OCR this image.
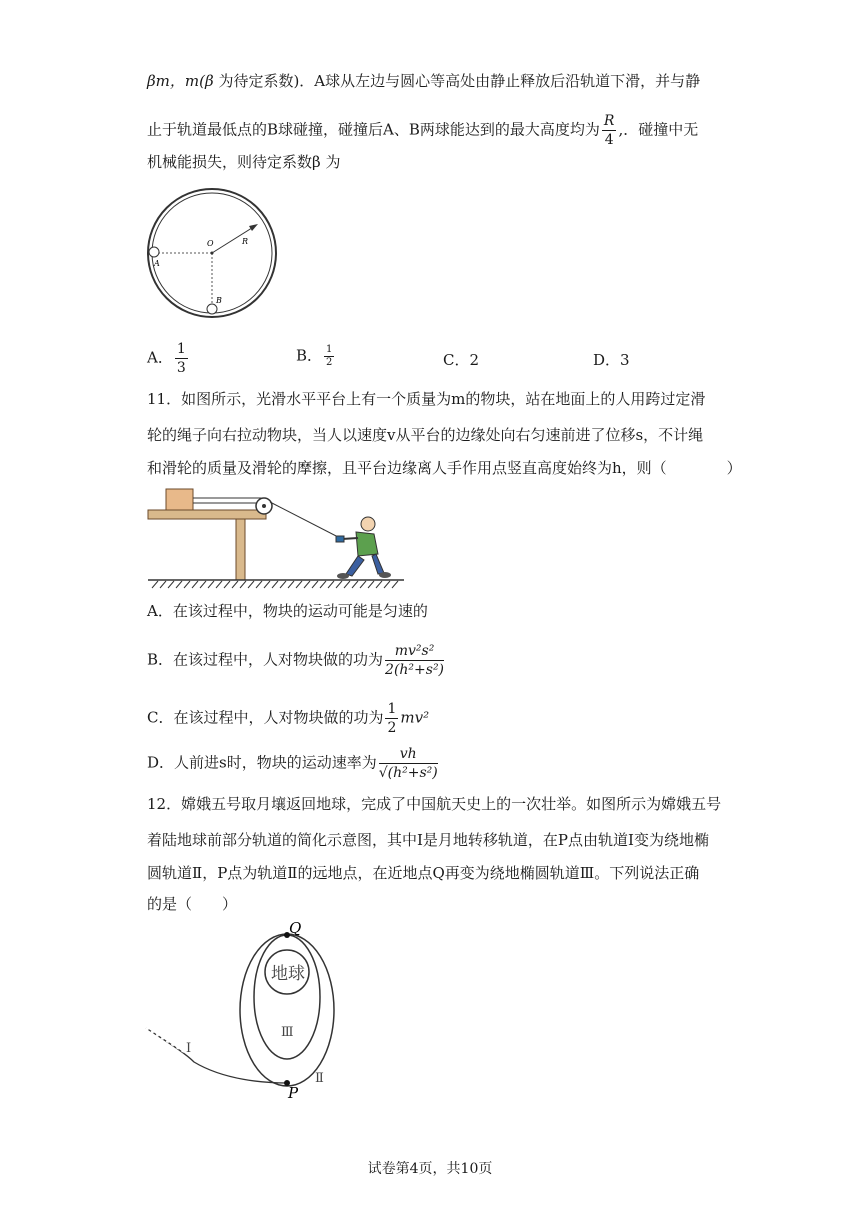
βm，m(β 为待定系数)．A球从左边与圆心等高处由静止释放后沿轨道下滑，并与静
止于轨道最低点的B球碰撞，碰撞后A、B两球能达到的最大高度均为 $\frac{R}{4}$ ,．碰撞中无
机械能损失，则待定系数β 为
O	R
A
B
A． $\frac{1}{3}$	B． $\frac{1}{2}$	C．2	D．3
11．如图所示，光滑水平平台上有一个质量为m的物块，站在地面上的人用跨过定滑
轮的绳子向右拉动物块，当人以速度v从平台的边缘处向右匀速前进了位移s，不计绳
和滑轮的质量及滑轮的摩擦，且平台边缘离人手作用点竖直高度始终为h，则（　　　　）
A．在该过程中，物块的运动可能是匀速的
B．在该过程中，人对物块做的功为 $\frac{\text{mv²s²}}{\text{2(h²+s²)}}$
C．在该过程中，人对物块做的功为 $\frac{1}{2} mv^2$
D．人前进s时，物块的运动速率为 $\frac{vh}{\text{√(h²+s²)}}$
12．嫦娥五号取月壤返回地球，完成了中国航天史上的一次壮举。如图所示为嫦娥五号
着陆地球前部分轨道的简化示意图，其中Ⅰ是月地转移轨道，在P点由轨道Ⅰ变为绕地椭
圆轨道Ⅱ，P点为轨道Ⅱ的远地点，在近地点Q再变为绕地椭圆轨道Ⅲ。下列说法正确
的是（　　）
Q
地球
Ⅲ
Ⅰ
Ⅱ
P
试卷第4页，共10页
